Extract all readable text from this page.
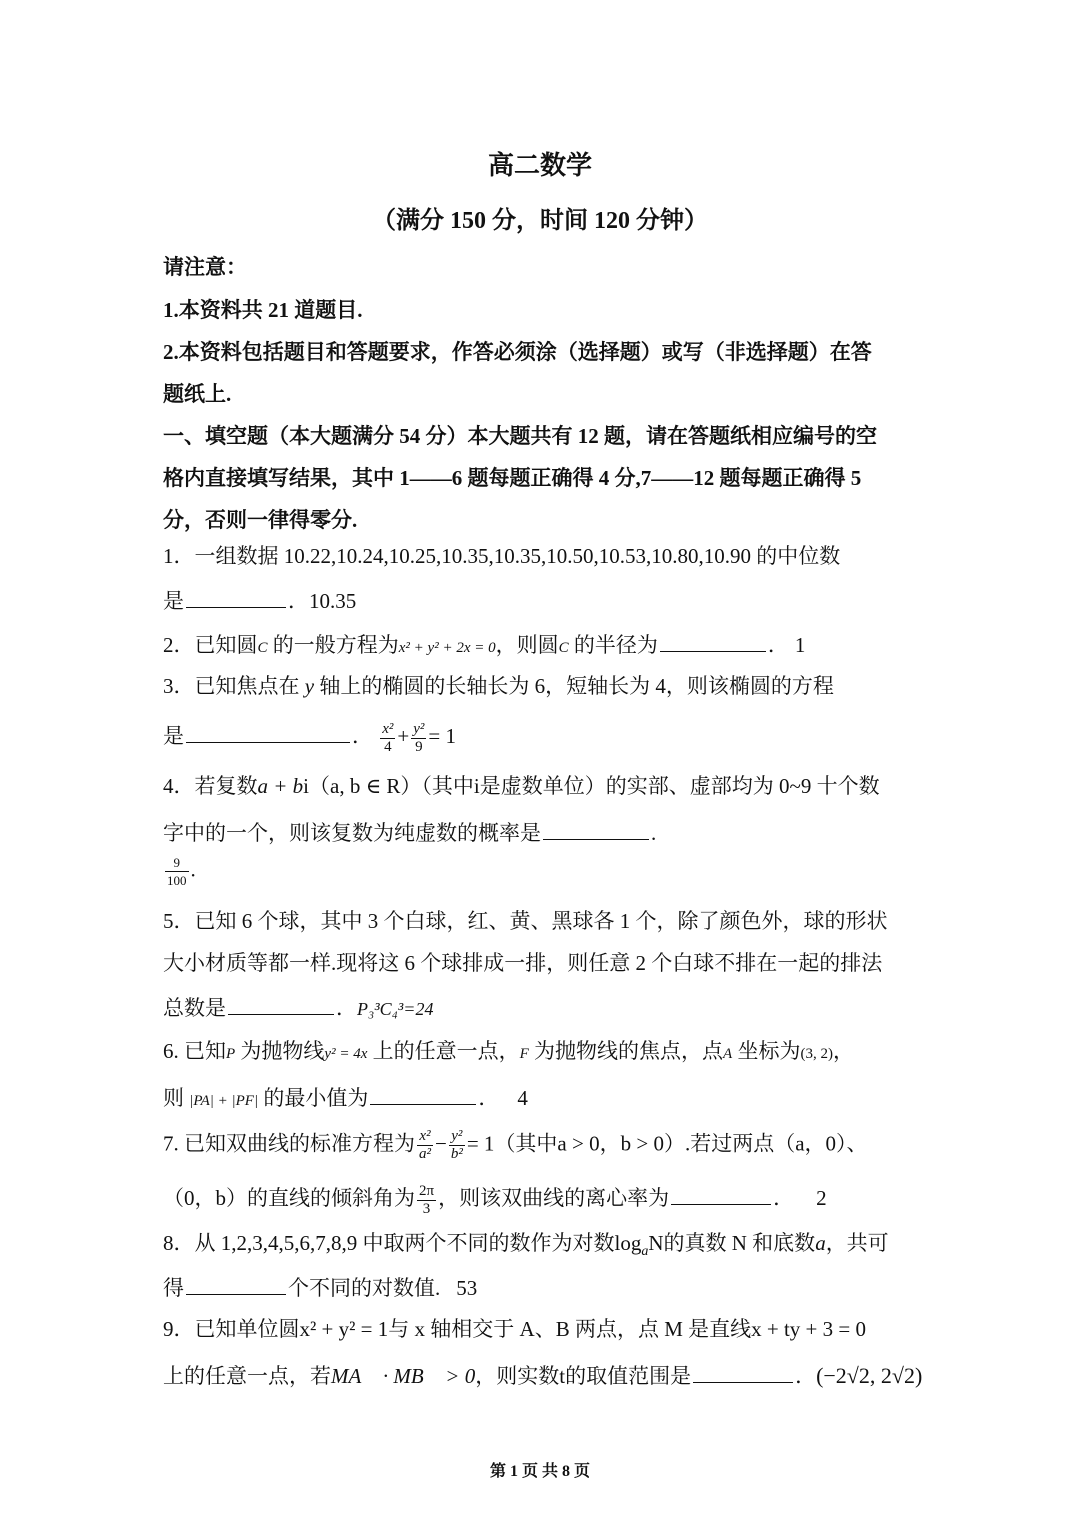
高二数学
（满分 150 分，时间 120 分钟）
请注意：
1.本资料共 21 道题目.
2.本资料包括题目和答题要求，作答必须涂（选择题）或写（非选择题）在答
题纸上.
一、填空题（本大题满分 54 分）本大题共有 12 题，请在答题纸相应编号的空
格内直接填写结果，其中 1——6 题每题正确得 4 分,7——12 题每题正确得 5
分，否则一律得零分.
1．一组数据 10.22,10.24,10.25,10.35,10.35,10.50,10.53,10.80,10.90 的中位数
是	．10.35
2．已知圆C 的一般方程为x² + y² + 2x = 0，则圆C 的半径为	． 1
3．已知焦点在 y 轴上的椭圆的长轴长为 6，短轴长为 4，则该椭圆的方程
是	． $\frac{\text{x²}}{4} + \frac{\text{y²}}{9} = 1$
4．若复数a + bi（a, b ∈ R）（其中i是虚数单位）的实部、虚部均为 0~9 十个数
字中的一个，则该复数为纯虚数的概率是	.
$\frac{9}{100}$ .
5．已知 6 个球，其中 3 个白球，红、黄、黑球各 1 个，除了颜色外，球的形状
大小材质等都一样.现将这 6 个球排成一排，则任意 2 个白球不排在一起的排法
总数是	．P₃³C₄³=24
6. 已知P 为抛物线y² = 4x 上的任意一点，F 为抛物线的焦点，点A 坐标为(3, 2)，
则 |PA| + |PF| 的最小值为	． 4
7. 已知双曲线的标准方程为 $\frac{\text{x²}}{\text{a²}} - \frac{\text{y²}}{\text{b²}} = 1$（其中a > 0，b > 0）.若过两点（a，0）、
（0，b）的直线的倾斜角为 $\frac{2\pi}{3}$ ，则该双曲线的离心率为	． 2
8．从 1,2,3,4,5,6,7,8,9 中取两个不同的数作为对数$\log_aN$的真数 N 和底数a，共可
得	个不同的对数值. 53
9．已知单位圆x² + y² = 1与 x 轴相交于 A、B 两点，点 M 是直线x + ty + 3 = 0
上的任意一点，若MA⃗ · MB⃗ > 0，则实数t的取值范围是	．(−2√2, 2√2)
第 1 页 共 8 页
